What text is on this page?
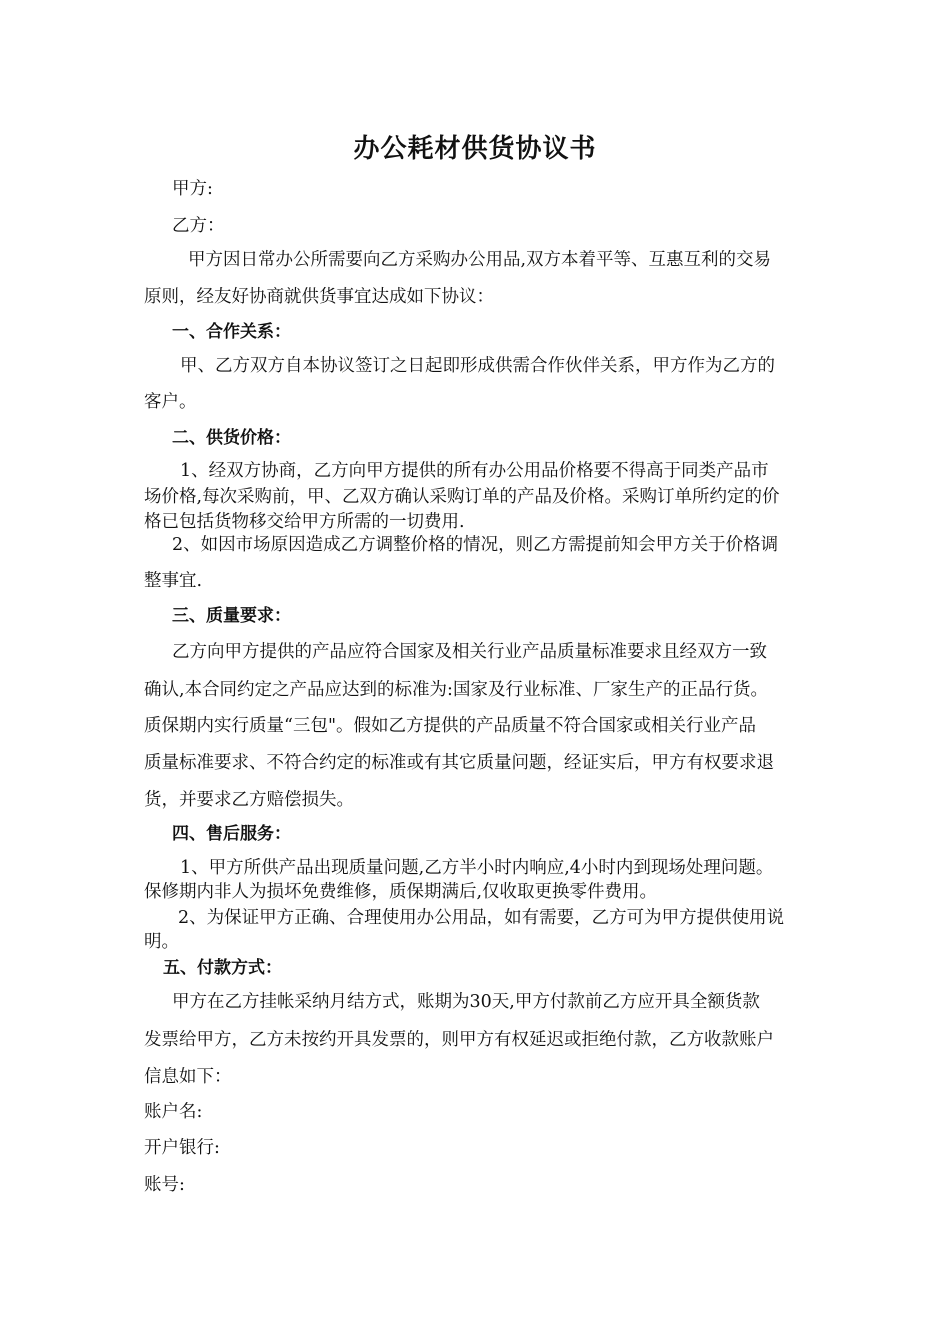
办公耗材供货协议书
甲方:
乙方：
甲方因日常办公所需要向乙方采购办公用品,双方本着平等、互惠互利的交易
原则，经友好协商就供货事宜达成如下协议：
一、合作关系：
甲、乙方双方自本协议签订之日起即形成供需合作伙伴关系，甲方作为乙方的
客户。
二、供货价格：
1、经双方协商，乙方向甲方提供的所有办公用品价格要不得高于同类产品市
场价格,每次采购前，甲、乙双方确认采购订单的产品及价格。采购订单所约定的价
格已包括货物移交给甲方所需的一切费用.
2、如因市场原因造成乙方调整价格的情况，则乙方需提前知会甲方关于价格调
整事宜.
三、质量要求：
乙方向甲方提供的产品应符合国家及相关行业产品质量标准要求且经双方一致
确认,本合同约定之产品应达到的标准为:国家及行业标准、厂家生产的正品行货。
质保期内实行质量“三包"。假如乙方提供的产品质量不符合国家或相关行业产品
质量标准要求、不符合约定的标准或有其它质量问题，经证实后，甲方有权要求退
货，并要求乙方赔偿损失。
四、售后服务：
1、甲方所供产品出现质量问题,乙方半小时内响应,4小时内到现场处理问题。
保修期内非人为损坏免费维修，质保期满后,仅收取更换零件费用。
2、为保证甲方正确、合理使用办公用品，如有需要，乙方可为甲方提供使用说
明。
五、付款方式：
甲方在乙方挂帐采纳月结方式，账期为30天,甲方付款前乙方应开具全额货款
发票给甲方，乙方未按约开具发票的，则甲方有权延迟或拒绝付款，乙方收款账户
信息如下：
账户名:
开户银行:
账号:
